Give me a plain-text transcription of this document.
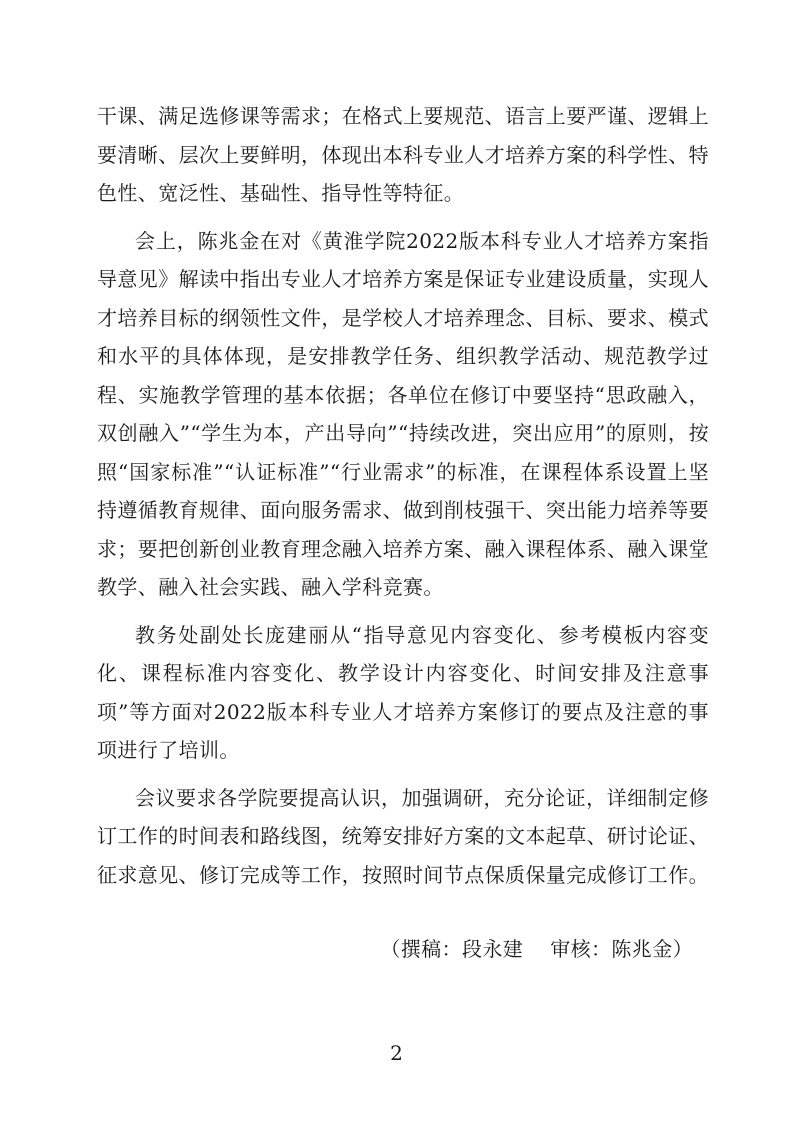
干课、满足选修课等需求；在格式上要规范、语言上要严谨、逻辑上要清晰、层次上要鲜明，体现出本科专业人才培养方案的科学性、特色性、宽泛性、基础性、指导性等特征。

会上，陈兆金在对《黄淮学院2022版本科专业人才培养方案指导意见》解读中指出专业人才培养方案是保证专业建设质量，实现人才培养目标的纲领性文件，是学校人才培养理念、目标、要求、模式和水平的具体体现，是安排教学任务、组织教学活动、规范教学过程、实施教学管理的基本依据；各单位在修订中要坚持“思政融入，双创融入”“学生为本，产出导向”“持续改进，突出应用”的原则，按照“国家标准”“认证标准”“行业需求”的标准，在课程体系设置上坚持遵循教育规律、面向服务需求、做到削枝强干、突出能力培养等要求；要把创新创业教育理念融入培养方案、融入课程体系、融入课堂教学、融入社会实践、融入学科竞赛。

教务处副处长庞建丽从“指导意见内容变化、参考模板内容变化、课程标准内容变化、教学设计内容变化、时间安排及注意事项”等方面对2022版本科专业人才培养方案修订的要点及注意的事项进行了培训。

会议要求各学院要提高认识，加强调研，充分论证，详细制定修订工作的时间表和路线图，统筹安排好方案的文本起草、研讨论证、征求意见、修订完成等工作，按照时间节点保质保量完成修订工作。

（撰稿：段永建    审核：陈兆金）
2
